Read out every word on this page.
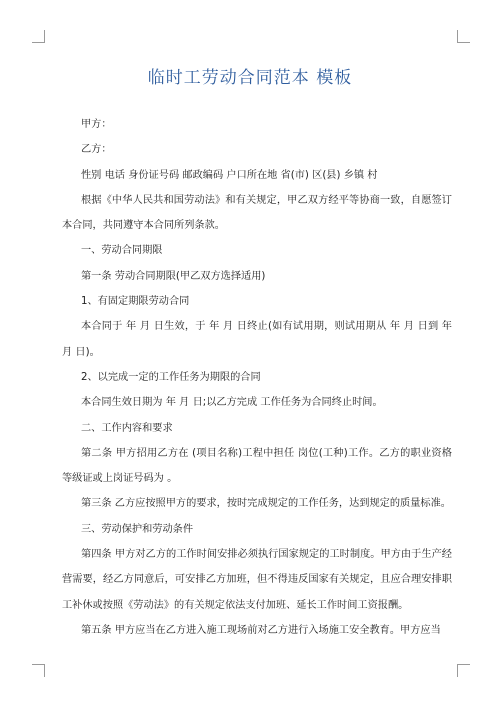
临时工劳动合同范本 模板

甲方：

乙方：

性别 电话 身份证号码 邮政编码 户口所在地 省(市) 区(县) 乡镇 村

根据《中华人民共和国劳动法》和有关规定，甲乙双方经平等协商一致，自愿签订本合同，共同遵守本合同所列条款。

一、劳动合同期限

第一条 劳动合同期限(甲乙双方选择适用)

1、有固定期限劳动合同

本合同于 年 月 日生效，于 年 月 日终止(如有试用期，则试用期从 年 月 日到 年 月 日)。

2、以完成一定的工作任务为期限的合同

本合同生效日期为 年 月 日;以乙方完成 工作任务为合同终止时间。

二、工作内容和要求

第二条 甲方招用乙方在 (项目名称)工程中担任 岗位(工种)工作。乙方的职业资格等级证或上岗证号码为 。

第三条 乙方应按照甲方的要求，按时完成规定的工作任务，达到规定的质量标准。

三、劳动保护和劳动条件

第四条 甲方对乙方的工作时间安排必须执行国家规定的工时制度。甲方由于生产经营需要，经乙方同意后，可安排乙方加班，但不得违反国家有关规定，且应合理安排职工补休或按照《劳动法》的有关规定依法支付加班、延长工作时间工资报酬。

第五条 甲方应当在乙方进入施工现场前对乙方进行入场施工安全教育。甲方应当
